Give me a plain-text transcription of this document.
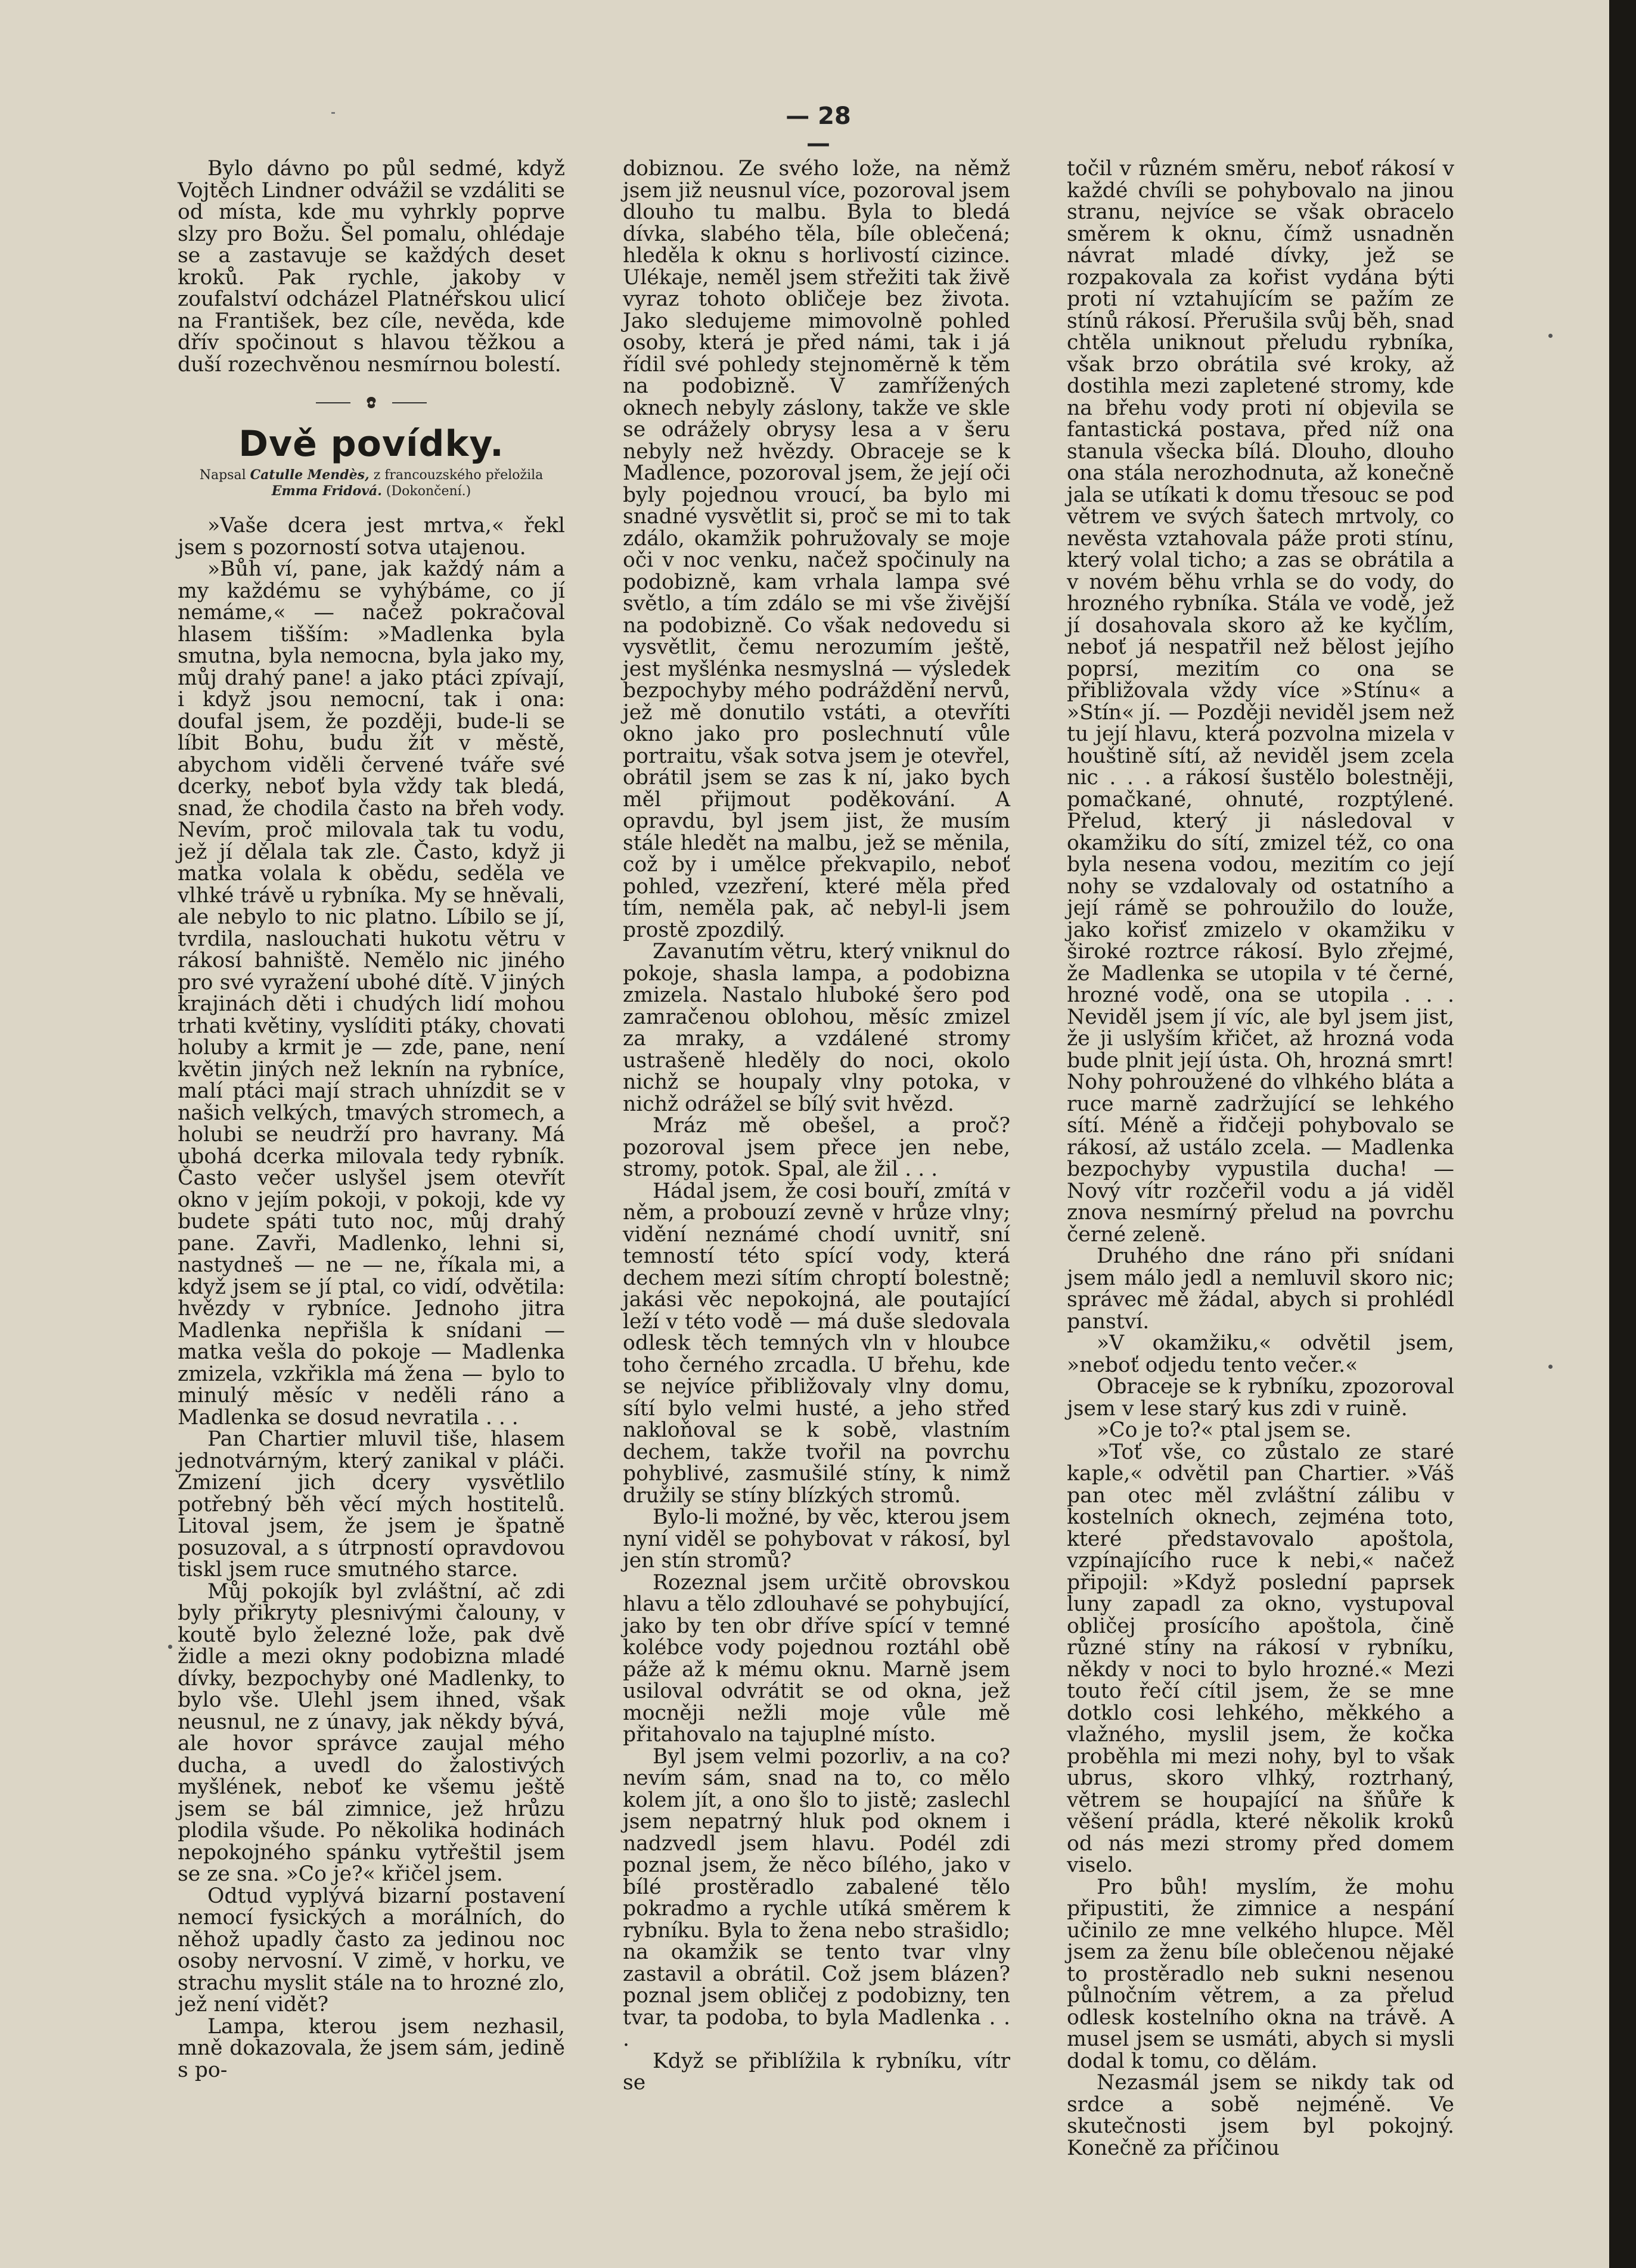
— 28 —

Bylo dávno po půl sedmé, když Vojtěch Lindner odvážil se vzdáliti se od místa, kde mu vyhrkly poprve slzy pro Božu. Šel pomalu, ohlédaje se a zastavuje se každých deset kroků. Pak rychle, jakoby v zoufalství odcházel Platnéřskou ulicí na František, bez cíle, nevěda, kde dřív spočinout s hlavou těžkou a duší rozechvěnou nesmírnou bolestí.

Dvě povídky.
Napsal Catulle Mendès, z francouzského přeložila
Emma Fridová. (Dokončení.)

»Vaše dcera jest mrtva,« řekl jsem s pozorností sotva utajenou.

»Bůh ví, pane, jak každý nám a my každému se vyhýbáme, co jí nemáme,« — načež pokračoval hlasem tišším: »Madlenka byla smutna, byla nemocna, byla jako my, můj drahý pane! a jako ptáci zpívají, i když jsou nemocní, tak i ona: doufal jsem, že později, bude-li se líbit Bohu, budu žít v městě, abychom viděli červené tváře své dcerky, neboť byla vždy tak bledá, snad, že chodila často na břeh vody. Nevím, proč milovala tak tu vodu, jež jí dělala tak zle. Často, když ji matka volala k obědu, seděla ve vlhké trávě u rybníka. My se hněvali, ale nebylo to nic platno. Líbilo se jí, tvrdila, naslouchati hukotu větru v rákosí bahniště. Nemělo nic jiného pro své vyražení ubohé dítě. V jiných krajinách děti i chudých lidí mohou trhati květiny, vyslíditi ptáky, chovati holuby a krmit je — zde, pane, není květin jiných než leknín na rybníce, malí ptáci mají strach uhnízdit se v našich velkých, tmavých stromech, a holubi se neudrží pro havrany. Má ubohá dcerka milovala tedy rybník. Často večer uslyšel jsem otevřít okno v jejím pokoji, v pokoji, kde vy budete spáti tuto noc, můj drahý pane. Zavři, Madlenko, lehni si, nastydneš — ne — ne, říkala mi, a když jsem se jí ptal, co vidí, odvětila: hvězdy v rybníce. Jednoho jitra Madlenka nepřišla k snídani — matka vešla do pokoje — Madlenka zmizela, vzkřikla má žena — bylo to minulý měsíc v neděli ráno a Madlenka se dosud nevratila . . .

Pan Chartier mluvil tiše, hlasem jednotvárným, který zanikal v pláči. Zmizení jich dcery vysvětlilo potřebný běh věcí mých hostitelů. Litoval jsem, že jsem je špatně posuzoval, a s útrpností opravdovou tiskl jsem ruce smutného starce.

Můj pokojík byl zvláštní, ač zdi byly přikryty plesnivými čalouny, v koutě bylo železné lože, pak dvě židle a mezi okny podobizna mladé dívky, bezpochyby oné Madlenky, to bylo vše. Ulehl jsem ihned, však neusnul, ne z únavy, jak někdy bývá, ale hovor správce zaujal mého ducha, a uvedl do žalostivých myšlének, neboť ke všemu ještě jsem se bál zimnice, jež hrůzu plodila všude. Po několika hodinách nepokojného spánku vytřeštil jsem se ze sna. »Co je?« křičel jsem.

Odtud vyplývá bizarní postavení nemocí fysických a morálních, do něhož upadly často za jedinou noc osoby nervosní. V zimě, v horku, ve strachu myslit stále na to hrozné zlo, jež není vidět?

Lampa, kterou jsem nezhasil, mně dokazovala, že jsem sám, jedině s po-

dobiznou. Ze svého lože, na němž jsem již neusnul více, pozoroval jsem dlouho tu malbu. Byla to bledá dívka, slabého těla, bíle oblečená; hleděla k oknu s horlivostí cizince. Ulékaje, neměl jsem střežiti tak živě vyraz tohoto obličeje bez života. Jako sledujeme mimovolně pohled osoby, která je před námi, tak i já řídil své pohledy stejnoměrně k těm na podobizně. V zamřížených oknech nebyly záslony, takže ve skle se odrážely obrysy lesa a v šeru nebyly než hvězdy. Obraceje se k Madlence, pozoroval jsem, že její oči byly pojednou vroucí, ba bylo mi snadné vysvětlit si, proč se mi to tak zdálo, okamžik pohružovaly se moje oči v noc venku, načež spočinuly na podobizně, kam vrhala lampa své světlo, a tím zdálo se mi vše živější na podobizně. Co však nedovedu si vysvětlit, čemu nerozumím ještě, jest myšlénka nesmyslná — výsledek bezpochyby mého podráždění nervů, jež mě donutilo vstáti, a otevříti okno jako pro poslechnutí vůle portraitu, však sotva jsem je otevřel, obrátil jsem se zas k ní, jako bych měl přijmout poděkování. A opravdu, byl jsem jist, že musím stále hledět na malbu, jež se měnila, což by i umělce překvapilo, neboť pohled, vzezření, které měla před tím, neměla pak, ač nebyl-li jsem prostě zpozdilý.

Zavanutím větru, který vniknul do pokoje, shasla lampa, a podobizna zmizela. Nastalo hluboké šero pod zamračenou oblohou, měsíc zmizel za mraky, a vzdálené stromy ustrašeně hleděly do noci, okolo nichž se houpaly vlny potoka, v nichž odrážel se bílý svit hvězd.

Mráz mě obešel, a proč? pozoroval jsem přece jen nebe, stromy, potok. Spal, ale žil . . .

Hádal jsem, že cosi bouří, zmítá v něm, a probouzí zevně v hrůze vlny; vidění neznámé chodí uvnitř, sní temností této spící vody, která dechem mezi sítím chroptí bolestně; jakási věc nepokojná, ale poutající leží v této vodě — má duše sledovala odlesk těch temných vln v hloubce toho černého zrcadla. U břehu, kde se nejvíce přibližovaly vlny domu, sítí bylo velmi husté, a jeho střed nakloňoval se k sobě, vlastním dechem, takže tvořil na povrchu pohyblivé, zasmušilé stíny, k nimž družily se stíny blízkých stromů.

Bylo-li možné, by věc, kterou jsem nyní viděl se pohybovat v rákosí, byl jen stín stromů?

Rozeznal jsem určitě obrovskou hlavu a tělo zdlouhavé se pohybující, jako by ten obr dříve spící v temné kolébce vody pojednou roztáhl obě páže až k mému oknu. Marně jsem usiloval odvrátit se od okna, jež mocněji nežli moje vůle mě přitahovalo na tajuplné místo.

Byl jsem velmi pozorliv, a na co? nevím sám, snad na to, co mělo kolem jít, a ono šlo to jistě; zaslechl jsem nepatrný hluk pod oknem i nadzvedl jsem hlavu. Podél zdi poznal jsem, že něco bílého, jako v bílé prostěradlo zabalené tělo pokradmo a rychle utíká směrem k rybníku. Byla to žena nebo strašidlo; na okamžik se tento tvar vlny zastavil a obrátil. Což jsem blázen? poznal jsem obličej z podobizny, ten tvar, ta podoba, to byla Madlenka . . .

Když se přiblížila k rybníku, vítr se

točil v různém směru, neboť rákosí v každé chvíli se pohybovalo na jinou stranu, nejvíce se však obracelo směrem k oknu, čímž usnadněn návrat mladé dívky, jež se rozpakovala za kořist vydána býti proti ní vztahujícím se pažím ze stínů rákosí. Přerušila svůj běh, snad chtěla uniknout přeludu rybníka, však brzo obrátila své kroky, až dostihla mezi zapletené stromy, kde na břehu vody proti ní objevila se fantastická postava, před níž ona stanula všecka bílá. Dlouho, dlouho ona stála nerozhodnuta, až konečně jala se utíkati k domu třesouc se pod větrem ve svých šatech mrtvoly, co nevěsta vztahovala páže proti stínu, který volal ticho; a zas se obrátila a v novém běhu vrhla se do vody, do hrozného rybníka. Stála ve vodě, jež jí dosahovala skoro až ke kyčlím, neboť já nespatřil než bělost jejího poprsí, mezitím co ona se přibližovala vždy více »Stínu« a »Stín« jí. — Později neviděl jsem než tu její hlavu, která pozvolna mizela v houštině sítí, až neviděl jsem zcela nic . . . a rákosí šustělo bolestněji, pomačkané, ohnuté, rozptýlené. Přelud, který ji následoval v okamžiku do sítí, zmizel též, co ona byla nesena vodou, mezitím co její nohy se vzdalovaly od ostatního a její rámě se pohroužilo do louže, jako kořisť zmizelo v okamžiku v široké roztrce rákosí. Bylo zřejmé, že Madlenka se utopila v té černé, hrozné vodě, ona se utopila . . . Neviděl jsem jí víc, ale byl jsem jist, že ji uslyším křičet, až hrozná voda bude plnit její ústa. Oh, hrozná smrt! Nohy pohroužené do vlhkého bláta a ruce marně zadržující se lehkého sítí. Méně a řidčeji pohybovalo se rákosí, až ustálo zcela. — Madlenka bezpochyby vypustila ducha! — Nový vítr rozčeřil vodu a já viděl znova nesmírný přelud na povrchu černé zeleně.

Druhého dne ráno při snídani jsem málo jedl a nemluvil skoro nic; správec mě žádal, abych si prohlédl panství.

»V okamžiku,« odvětil jsem, »neboť odjedu tento večer.«

Obraceje se k rybníku, zpozoroval jsem v lese starý kus zdi v ruině.

»Co je to?« ptal jsem se.

»Toť vše, co zůstalo ze staré kaple,« odvětil pan Chartier. »Váš pan otec měl zvláštní zálibu v kostelních oknech, zejména toto, které představovalo apoštola, vzpínajícího ruce k nebi,« načež připojil: »Když poslední paprsek luny zapadl za okno, vystupoval obličej prosícího apoštola, čině různé stíny na rákosí v rybníku, někdy v noci to bylo hrozné.« Mezi touto řečí cítil jsem, že se mne dotklo cosi lehkého, měkkého a vlažného, myslil jsem, že kočka proběhla mi mezi nohy, byl to však ubrus, skoro vlhký, roztrhaný, větrem se houpající na šňůře k věšení prádla, které několik kroků od nás mezi stromy před domem viselo.

Pro bůh! myslím, že mohu připustiti, že zimnice a nespání učinilo ze mne velkého hlupce. Měl jsem za ženu bíle oblečenou nějaké to prostěradlo neb sukni nesenou půlnočním větrem, a za přelud odlesk kostelního okna na trávě. A musel jsem se usmáti, abych si mysli dodal k tomu, co dělám.

Nezasmál jsem se nikdy tak od srdce a sobě nejméně. Ve skutečnosti jsem byl pokojný. Konečně za příčinou
